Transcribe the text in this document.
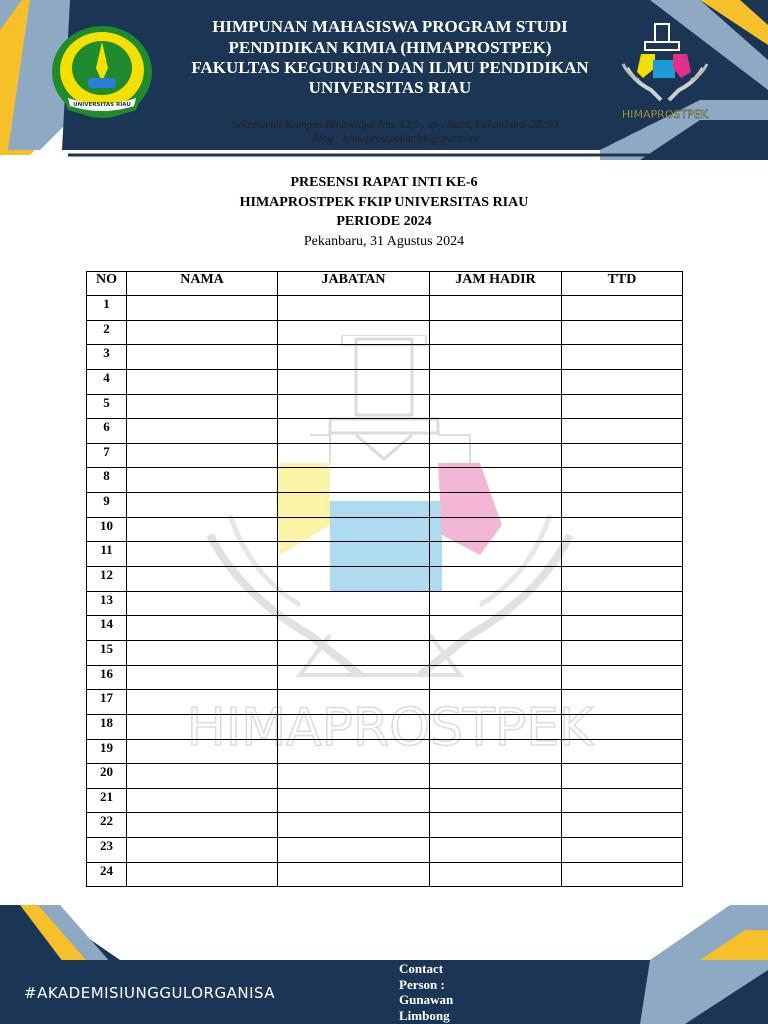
UNIVERSITAS RIAU
HIMAPROSTPEK
HIMPUNAN MAHASISWA PROGRAM STUDI
PENDIDIKAN KIMIA (HIMAPROSTPEK)
FAKULTAS KEGURUAN DAN ILMU PENDIDIKAN
UNIVERSITAS RIAU
Sekretariat Kampus Binawidya Km. 12,5 . sp . Baru, Pekanbaru-28293
Blog : himaprostpekur.blogspot.com
PRESENSI RAPAT INTI KE-6
HIMAPROSTPEK FKIP UNIVERSITAS RIAU
PERIODE 2024
Pekanbaru, 31 Agustus 2024
HIMAPROSTPEK
NO	NAMA	JABATAN	JAM HADIR	TTD
1				
2				
3				
4				
5				
6				
7				
8				
9				
10				
11				
12				
13				
14				
15				
16				
17				
18				
19				
20				
21				
22				
23				
24				
#AKADEMISIUNGGULORGANISA
Contact
Person :
Gunawan
Limbong
